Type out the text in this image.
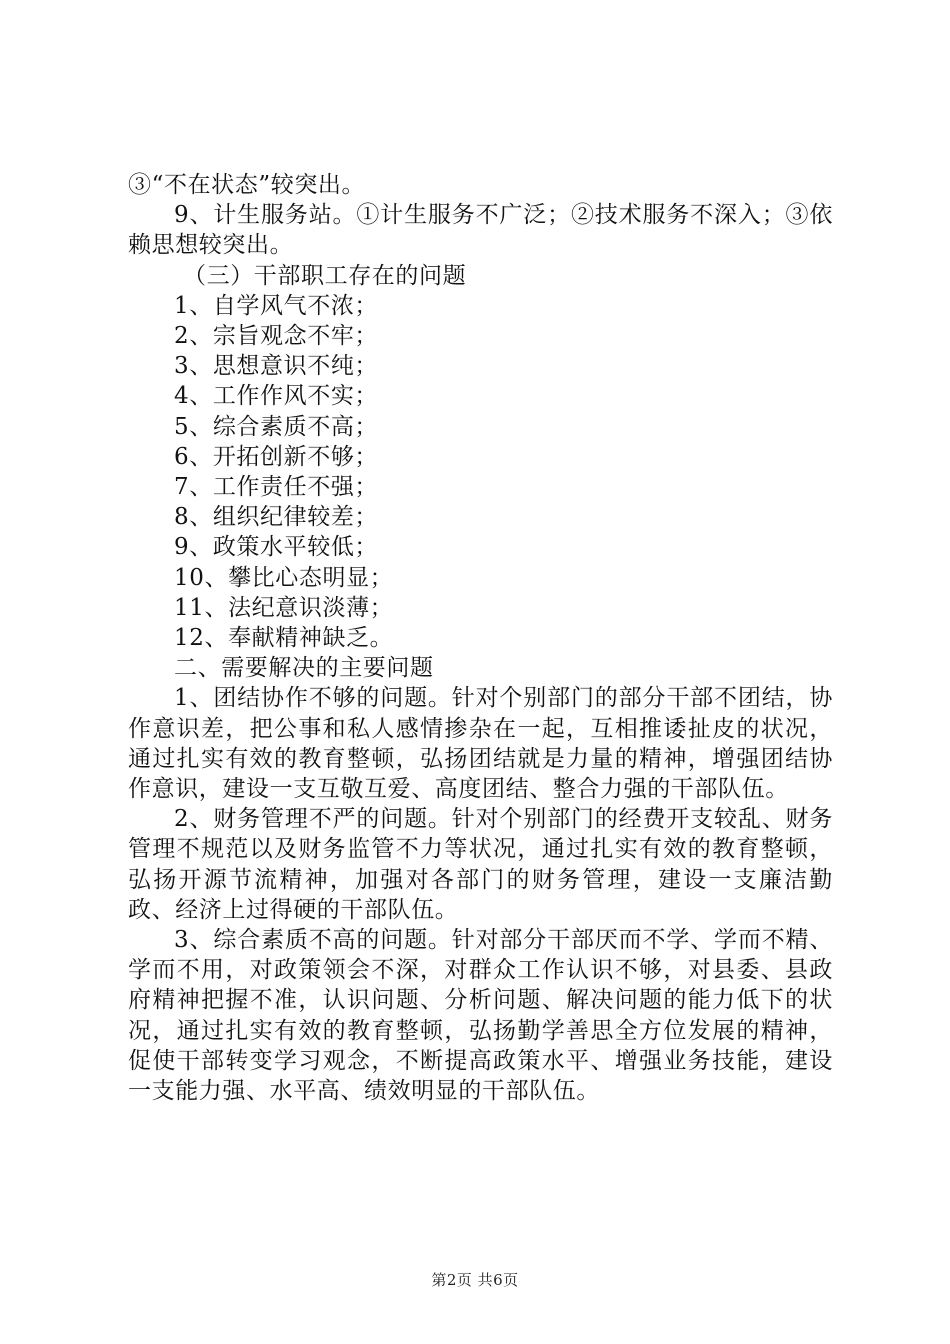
③“不在状态”较突出。

9、计生服务站。①计生服务不广泛；②技术服务不深入；③依赖思想较突出。

（三）干部职工存在的问题

1、自学风气不浓；

2、宗旨观念不牢；

3、思想意识不纯；

4、工作作风不实；

5、综合素质不高；

6、开拓创新不够；

7、工作责任不强；

8、组织纪律较差；

9、政策水平较低；

10、攀比心态明显；

11、法纪意识淡薄；

12、奉献精神缺乏。

二、需要解决的主要问题

1、团结协作不够的问题。针对个别部门的部分干部不团结，协作意识差，把公事和私人感情掺杂在一起，互相推诿扯皮的状况，通过扎实有效的教育整顿，弘扬团结就是力量的精神，增强团结协作意识，建设一支互敬互爱、高度团结、整合力强的干部队伍。

2、财务管理不严的问题。针对个别部门的经费开支较乱、财务管理不规范以及财务监管不力等状况，通过扎实有效的教育整顿，弘扬开源节流精神，加强对各部门的财务管理，建设一支廉洁勤政、经济上过得硬的干部队伍。

3、综合素质不高的问题。针对部分干部厌而不学、学而不精、学而不用，对政策领会不深，对群众工作认识不够，对县委、县政府精神把握不准，认识问题、分析问题、解决问题的能力低下的状况，通过扎实有效的教育整顿，弘扬勤学善思全方位发展的精神，促使干部转变学习观念，不断提高政策水平、增强业务技能，建设一支能力强、水平高、绩效明显的干部队伍。

第2页 共6页
